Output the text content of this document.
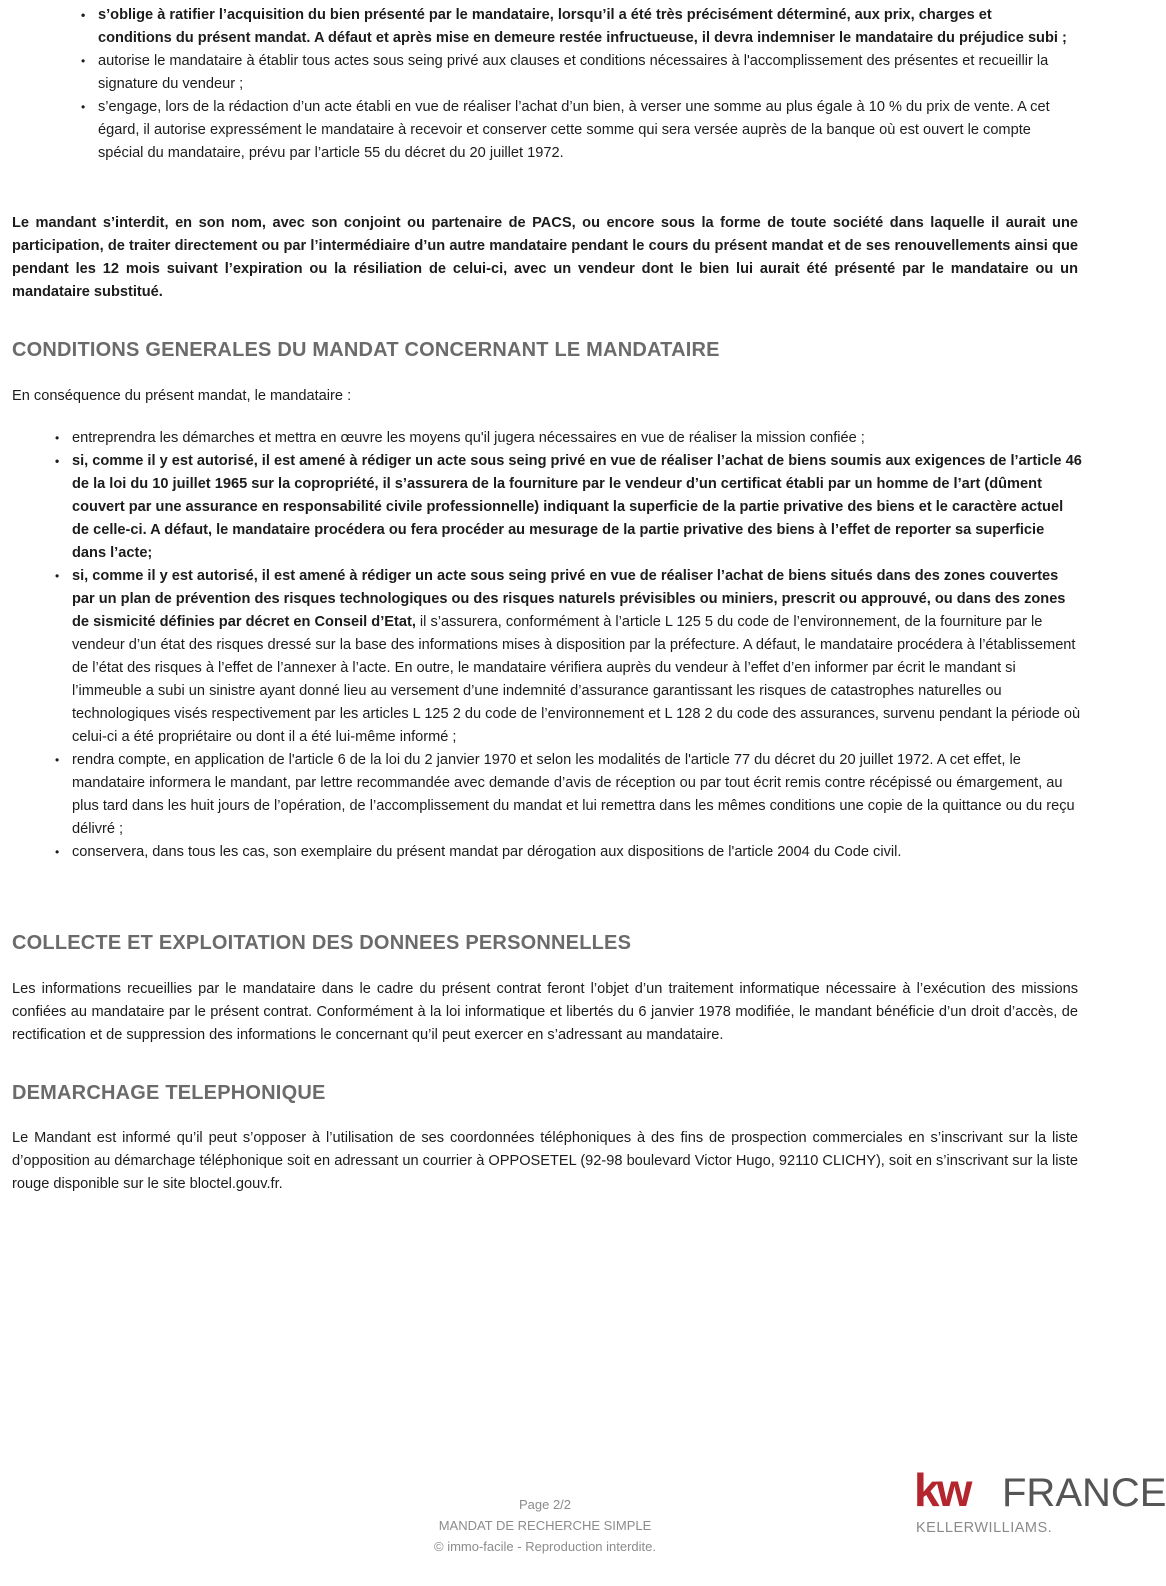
• s’oblige à ratifier l’acquisition du bien présenté par le mandataire, lorsqu’il a été très précisément déterminé, aux prix, charges et conditions du présent mandat. A défaut et après mise en demeure restée infructueuse, il devra indemniser le mandataire du préjudice subi ;
• autorise le mandataire à établir tous actes sous seing privé aux clauses et conditions nécessaires à l'accomplissement des présentes et recueillir la signature du vendeur ;
• s’engage, lors de la rédaction d’un acte établi en vue de réaliser l’achat d’un bien, à verser une somme au plus égale à 10 % du prix de vente. A cet égard, il autorise expressément le mandataire à recevoir et conserver cette somme qui sera versée auprès de la banque où est ouvert le compte spécial du mandataire, prévu par l’article 55 du décret du 20 juillet 1972.

Le mandant s’interdit, en son nom, avec son conjoint ou partenaire de PACS, ou encore sous la forme de toute société dans laquelle il aurait une participation, de traiter directement ou par l’intermédiaire d’un autre mandataire pendant le cours du présent mandat et de ses renouvellements ainsi que pendant les 12 mois suivant l’expiration ou la résiliation de celui-ci, avec un vendeur dont le bien lui aurait été présenté par le mandataire ou un mandataire substitué.

CONDITIONS GENERALES DU MANDAT CONCERNANT LE MANDATAIRE

En conséquence du présent mandat, le mandataire :

• entreprendra les démarches et mettra en œuvre les moyens qu'il jugera nécessaires en vue de réaliser la mission confiée ;
• si, comme il y est autorisé, il est amené à rédiger un acte sous seing privé en vue de réaliser l’achat de biens soumis aux exigences de l’article 46 de la loi du 10 juillet 1965 sur la copropriété, il s’assurera de la fourniture par le vendeur d’un certificat établi par un homme de l’art (dûment couvert par une assurance en responsabilité civile professionnelle) indiquant la superficie de la partie privative des biens et le caractère actuel de celle-ci. A défaut, le mandataire procédera ou fera procéder au mesurage de la partie privative des biens à l’effet de reporter sa superficie dans l’acte;
• si, comme il y est autorisé, il est amené à rédiger un acte sous seing privé en vue de réaliser l’achat de biens situés dans des zones couvertes par un plan de prévention des risques technologiques ou des risques naturels prévisibles ou miniers, prescrit ou approuvé, ou dans des zones de sismicité définies par décret en Conseil d’Etat, il s’assurera, conformément à l’article L 125 5 du code de l’environnement, de la fourniture par le vendeur d’un état des risques dressé sur la base des informations mises à disposition par la préfecture. A défaut, le mandataire procédera à l’établissement de l’état des risques à l’effet de l’annexer à l’acte. En outre, le mandataire vérifiera auprès du vendeur à l’effet d’en informer par écrit le mandant si l’immeuble a subi un sinistre ayant donné lieu au versement d’une indemnité d’assurance garantissant les risques de catastrophes naturelles ou technologiques visés respectivement par les articles L 125 2 du code de l’environnement et L 128 2 du code des assurances, survenu pendant la période où celui-ci a été propriétaire ou dont il a été lui-même informé ;
• rendra compte, en application de l'article 6 de la loi du 2 janvier 1970 et selon les modalités de l'article 77 du décret du 20 juillet 1972. A cet effet, le mandataire informera le mandant, par lettre recommandée avec demande d’avis de réception ou par tout écrit remis contre récépissé ou émargement, au plus tard dans les huit jours de l’opération, de l’accomplissement du mandat et lui remettra dans les mêmes conditions une copie de la quittance ou du reçu délivré ;
• conservera, dans tous les cas, son exemplaire du présent mandat par dérogation aux dispositions de l'article 2004 du Code civil.
COLLECTE ET EXPLOITATION DES DONNEES PERSONNELLES

Les informations recueillies par le mandataire dans le cadre du présent contrat feront l’objet d’un traitement informatique nécessaire à l’exécution des missions confiées au mandataire par le présent contrat. Conformément à la loi informatique et libertés du 6 janvier 1978 modifiée, le mandant bénéficie d’un droit d’accès, de rectification et de suppression des informations le concernant qu’il peut exercer en s’adressant au mandataire.

DEMARCHAGE TELEPHONIQUE

Le Mandant est informé qu’il peut s’opposer à l’utilisation de ses coordonnées téléphoniques à des fins de prospection commerciales en s’inscrivant sur la liste d’opposition au démarchage téléphonique soit en adressant un courrier à OPPOSETEL (92-98 boulevard Victor Hugo, 92110 CLICHY), soit en s’inscrivant sur la liste rouge disponible sur le site bloctel.gouv.fr.

Page 2/2
MANDAT DE RECHERCHE SIMPLE
© immo-facile - Reproduction interdite.
kw FRANCE
KELLERWILLIAMS.
